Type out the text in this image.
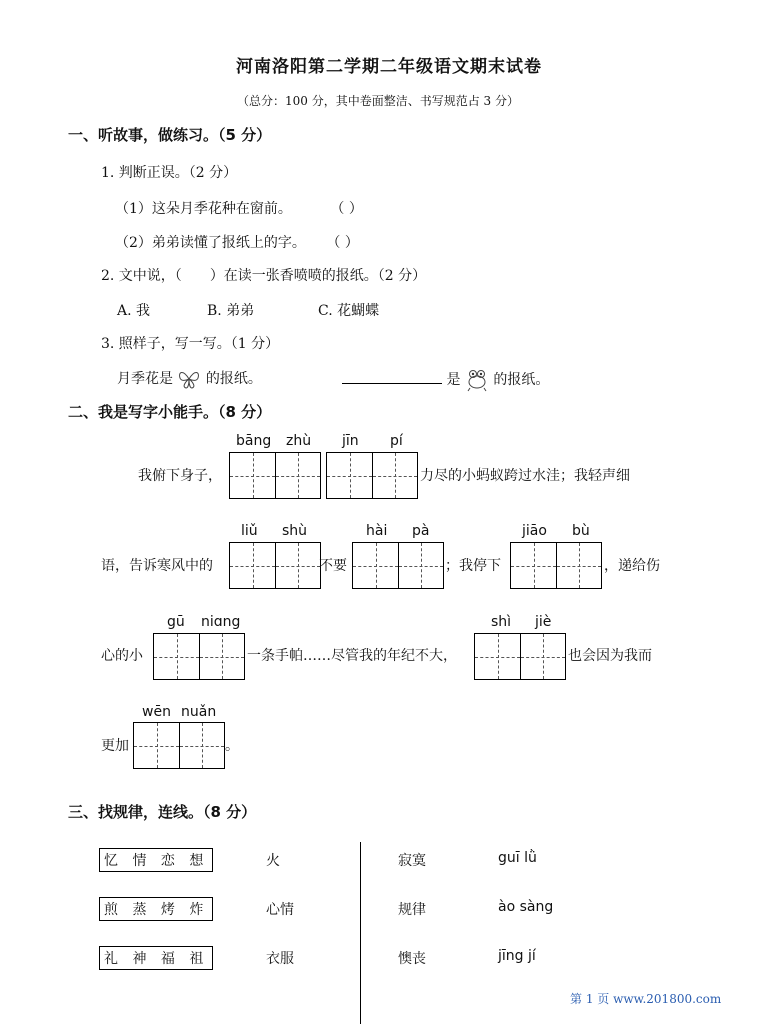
河南洛阳第二学期二年级语文期末试卷
（总分：100 分，其中卷面整洁、书写规范占 3 分）
一、听故事，做练习。（5 分）
1. 判断正误。（2 分）
（1）这朵月季花种在窗前。	（ ）
（2）弟弟读懂了报纸上的字。 （ ）
2. 文中说，（ ）在读一张香喷喷的报纸。（2 分）
A. 我	B. 弟弟	C. 花蝴蝶
3. 照样子，写一写。（1 分）
月季花是 的报纸。	是 的报纸。
二、我是写字小能手。（8 分）
bāng zhù jīn pí
我俯下身子，	力尽的小蚂蚁跨过水洼；我轻声细
liǔ shù	hài pà	jiāo bù
语，告诉寒风中的	不要	；我停下	，递给伤
gū niɑng	shì jiè
心的小	一条手帕……尽管我的年纪不大，	也会因为我而
wēn nuǎn
更加	。
三、找规律，连线。（8 分）
忆 情 恋 想
煎 蒸 烤 炸
礼 神 福 祖
火
心情
衣服
寂寞
规律
懊丧
guī lǜ
ào sàng
jīng jí
第 1 页 www.201800.com
